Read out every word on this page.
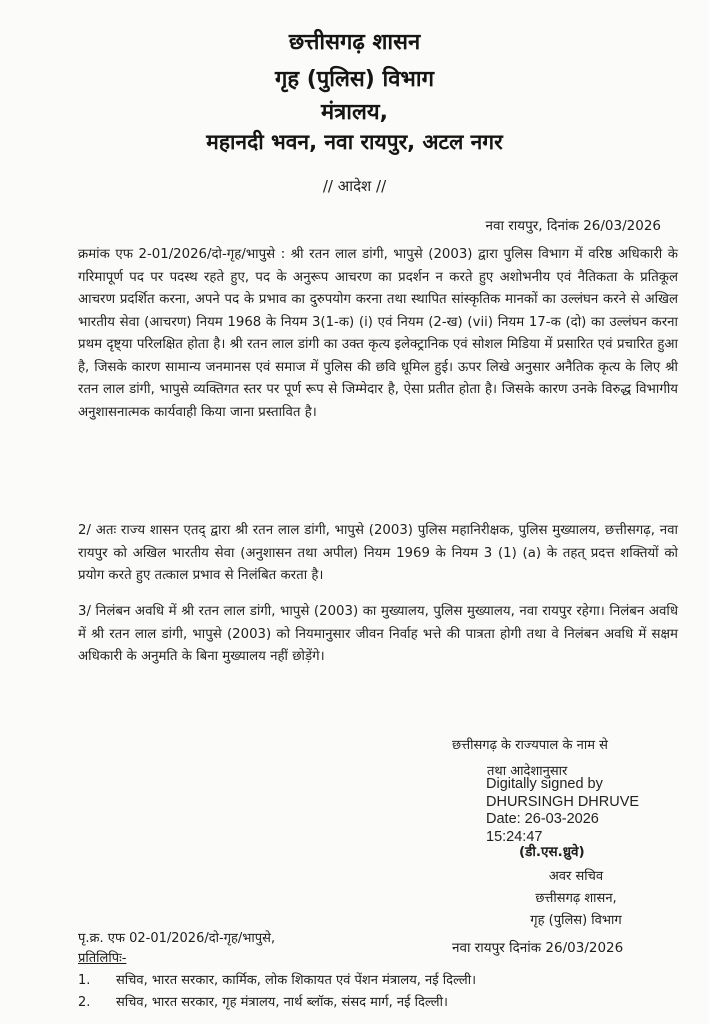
छत्तीसगढ़ शासन
गृह (पुलिस) विभाग
मंत्रालय,
महानदी भवन, नवा रायपुर, अटल नगर
// आदेश //
नवा रायपुर, दिनांक 26/03/2026
क्रमांक एफ 2-01/2026/दो-गृह/भापुसे : श्री रतन लाल डांगी, भापुसे (2003) द्वारा पुलिस विभाग में वरिष्ठ अधिकारी के गरिमापूर्ण पद पर पदस्थ रहते हुए, पद के अनुरूप आचरण का प्रदर्शन न करते हुए अशोभनीय एवं नैतिकता के प्रतिकूल आचरण प्रदर्शित करना, अपने पद के प्रभाव का दुरुपयोग करना तथा स्थापित सांस्कृतिक मानकों का उल्लंघन करने से अखिल भारतीय सेवा (आचरण) नियम 1968 के नियम 3(1-क) (i) एवं नियम (2-ख) (vii) नियम 17-क (दो) का उल्लंघन करना प्रथम दृष्ट्या परिलक्षित होता है। श्री रतन लाल डांगी का उक्त कृत्य इलेक्ट्रानिक एवं सोशल मिडिया में प्रसारित एवं प्रचारित हुआ है, जिसके कारण सामान्य जनमानस एवं समाज में पुलिस की छवि धूमिल हुई। ऊपर लिखे अनुसार अनैतिक कृत्य के लिए श्री रतन लाल डांगी, भापुसे व्यक्तिगत स्तर पर पूर्ण रूप से जिम्मेदार है, ऐसा प्रतीत होता है। जिसके कारण उनके विरुद्ध विभागीय अनुशासनात्मक कार्यवाही किया जाना प्रस्तावित है।
2/ अतः राज्य शासन एतद् द्वारा श्री रतन लाल डांगी, भापुसे (2003) पुलिस महानिरीक्षक, पुलिस मुख्यालय, छत्तीसगढ़, नवा रायपुर को अखिल भारतीय सेवा (अनुशासन तथा अपील) नियम 1969 के नियम 3 (1) (a) के तहत् प्रदत्त शक्तियों को प्रयोग करते हुए तत्काल प्रभाव से निलंबित करता है।
3/ निलंबन अवधि में श्री रतन लाल डांगी, भापुसे (2003) का मुख्यालय, पुलिस मुख्यालय, नवा रायपुर रहेगा। निलंबन अवधि में श्री रतन लाल डांगी, भापुसे (2003) को नियमानुसार जीवन निर्वाह भत्ते की पात्रता होगी तथा वे निलंबन अवधि में सक्षम अधिकारी के अनुमति के बिना मुख्यालय नहीं छोड़ेंगे।
छत्तीसगढ़ के राज्यपाल के नाम से
तथा आदेशानुसार
Digitally signed by
DHURSINGH DHRUVE
Date: 26-03-2026
15:24:47
(डी.एस.ध्रुवे)
अवर सचिव
छत्तीसगढ़ शासन,
गृह (पुलिस) विभाग
पृ.क्र. एफ 02-01/2026/दो-गृह/भापुसे,
नवा रायपुर दिनांक 26/03/2026
प्रतिलिपिः-
1. सचिव, भारत सरकार, कार्मिक, लोक शिकायत एवं पेंशन मंत्रालय, नई दिल्ली।
2. सचिव, भारत सरकार, गृह मंत्रालय, नार्थ ब्लॉक, संसद मार्ग, नई दिल्ली।
